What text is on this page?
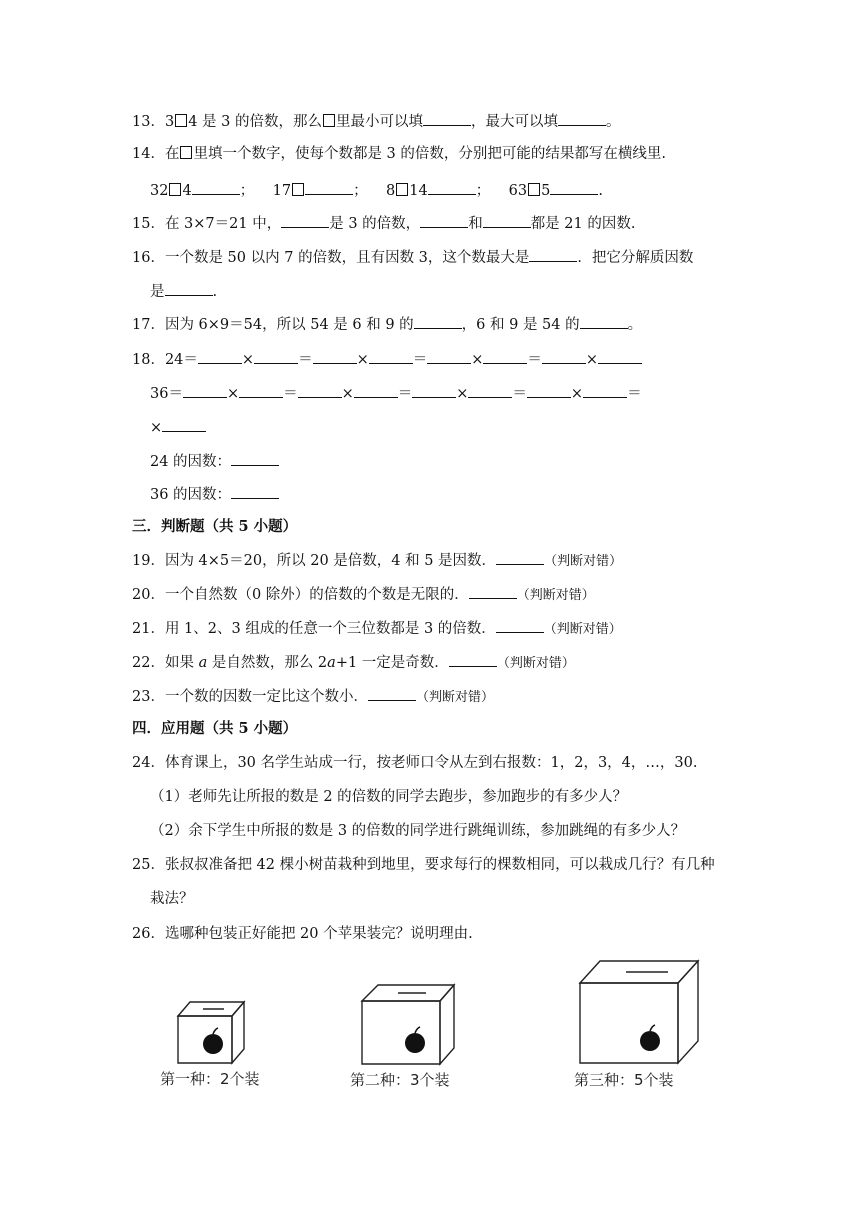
13．3 4 是 3 的倍数，那么 里最小可以填	，最大可以填	。
14．在 里填一个数字，使每个数都是 3 的倍数，分别把可能的结果都写在横线里.
32 4	； 17	； 8 14	； 63 5	.
15．在 3×7＝21 中，	是 3 的倍数，	和	都是 21 的因数.
16．一个数是 50 以内 7 的倍数，且有因数 3，这个数最大是	．把它分解质因数
是	.
17．因为 6×9＝54，所以 54 是 6 和 9 的	，6 和 9 是 54 的	。
18．24＝	×	＝	×	＝	×	＝	×
36＝	×	＝	×	＝	×	＝	×	＝
×
24 的因数：
36 的因数：
三．判断题（共 5 小题）
19．因为 4×5＝20，所以 20 是倍数，4 和 5 是因数．	（判断对错）
20．一个自然数（0 除外）的倍数的个数是无限的．	（判断对错）
21．用 1、2、3 组成的任意一个三位数都是 3 的倍数．	（判断对错）
22．如果 a 是自然数，那么 2a+1 一定是奇数．	（判断对错）
23．一个数的因数一定比这个数小．	（判断对错）
四．应用题（共 5 小题）
24．体育课上，30 名学生站成一行，按老师口令从左到右报数：1，2，3，4，…，30.
（1）老师先让所报的数是 2 的倍数的同学去跑步，参加跑步的有多少人？
（2）余下学生中所报的数是 3 的倍数的同学进行跳绳训练，参加跳绳的有多少人？
25．张叔叔准备把 42 棵小树苗栽种到地里，要求每行的棵数相同，可以栽成几行？有几种
栽法？
26．选哪种包装正好能把 20 个苹果装完？说明理由.
第一种：2个装	第二种：3个装	第三种：5个装
